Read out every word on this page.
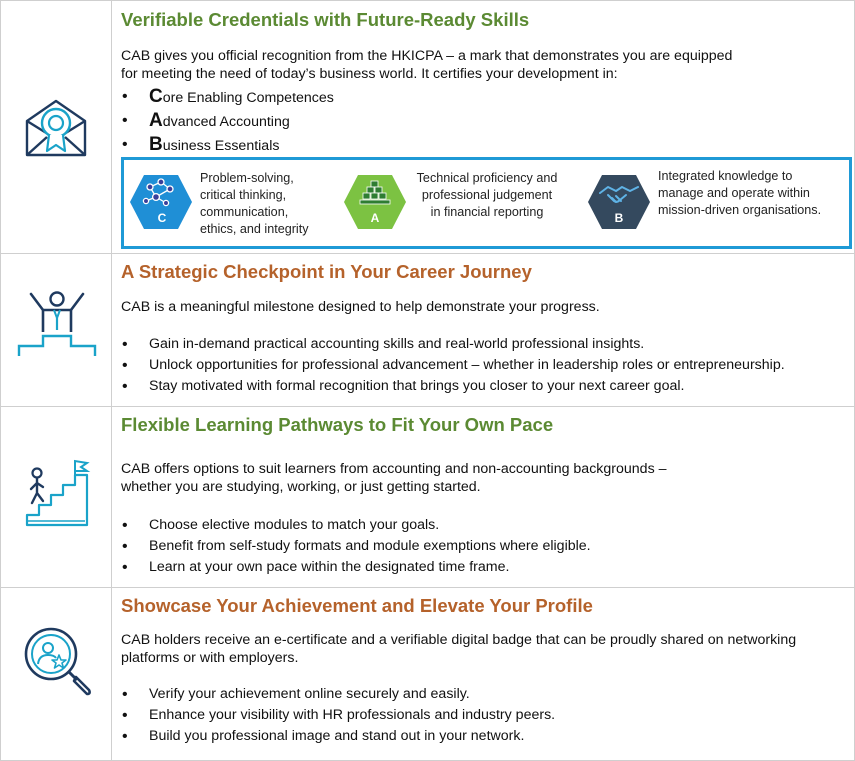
Verifiable Credentials with Future-Ready Skills
CAB gives you official recognition from the HKICPA – a mark that demonstrates you are equipped
for meeting the need of today’s business world. It certifies your development in:
• Core Enabling Competences
• Advanced Accounting
• Business Essentials
C
Problem-solving,
critical thinking,
communication,
ethics, and integrity
A
Technical proficiency and
professional judgement
in financial reporting	B
Integrated knowledge to
manage and operate within
mission-driven organisations.
A Strategic Checkpoint in Your Career Journey
CAB is a meaningful milestone designed to help demonstrate your progress.
• Gain in-demand practical accounting skills and real-world professional insights.
• Unlock opportunities for professional advancement – whether in leadership roles or entrepreneurship.
• Stay motivated with formal recognition that brings you closer to your next career goal.
Flexible Learning Pathways to Fit Your Own Pace
CAB offers options to suit learners from accounting and non-accounting backgrounds –
whether you are studying, working, or just getting started.
• Choose elective modules to match your goals.
• Benefit from self-study formats and module exemptions where eligible.
• Learn at your own pace within the designated time frame.
Showcase Your Achievement and Elevate Your Profile
CAB holders receive an e-certificate and a verifiable digital badge that can be proudly shared on networking
platforms or with employers.
• Verify your achievement online securely and easily.
• Enhance your visibility with HR professionals and industry peers.
• Build you professional image and stand out in your network.
